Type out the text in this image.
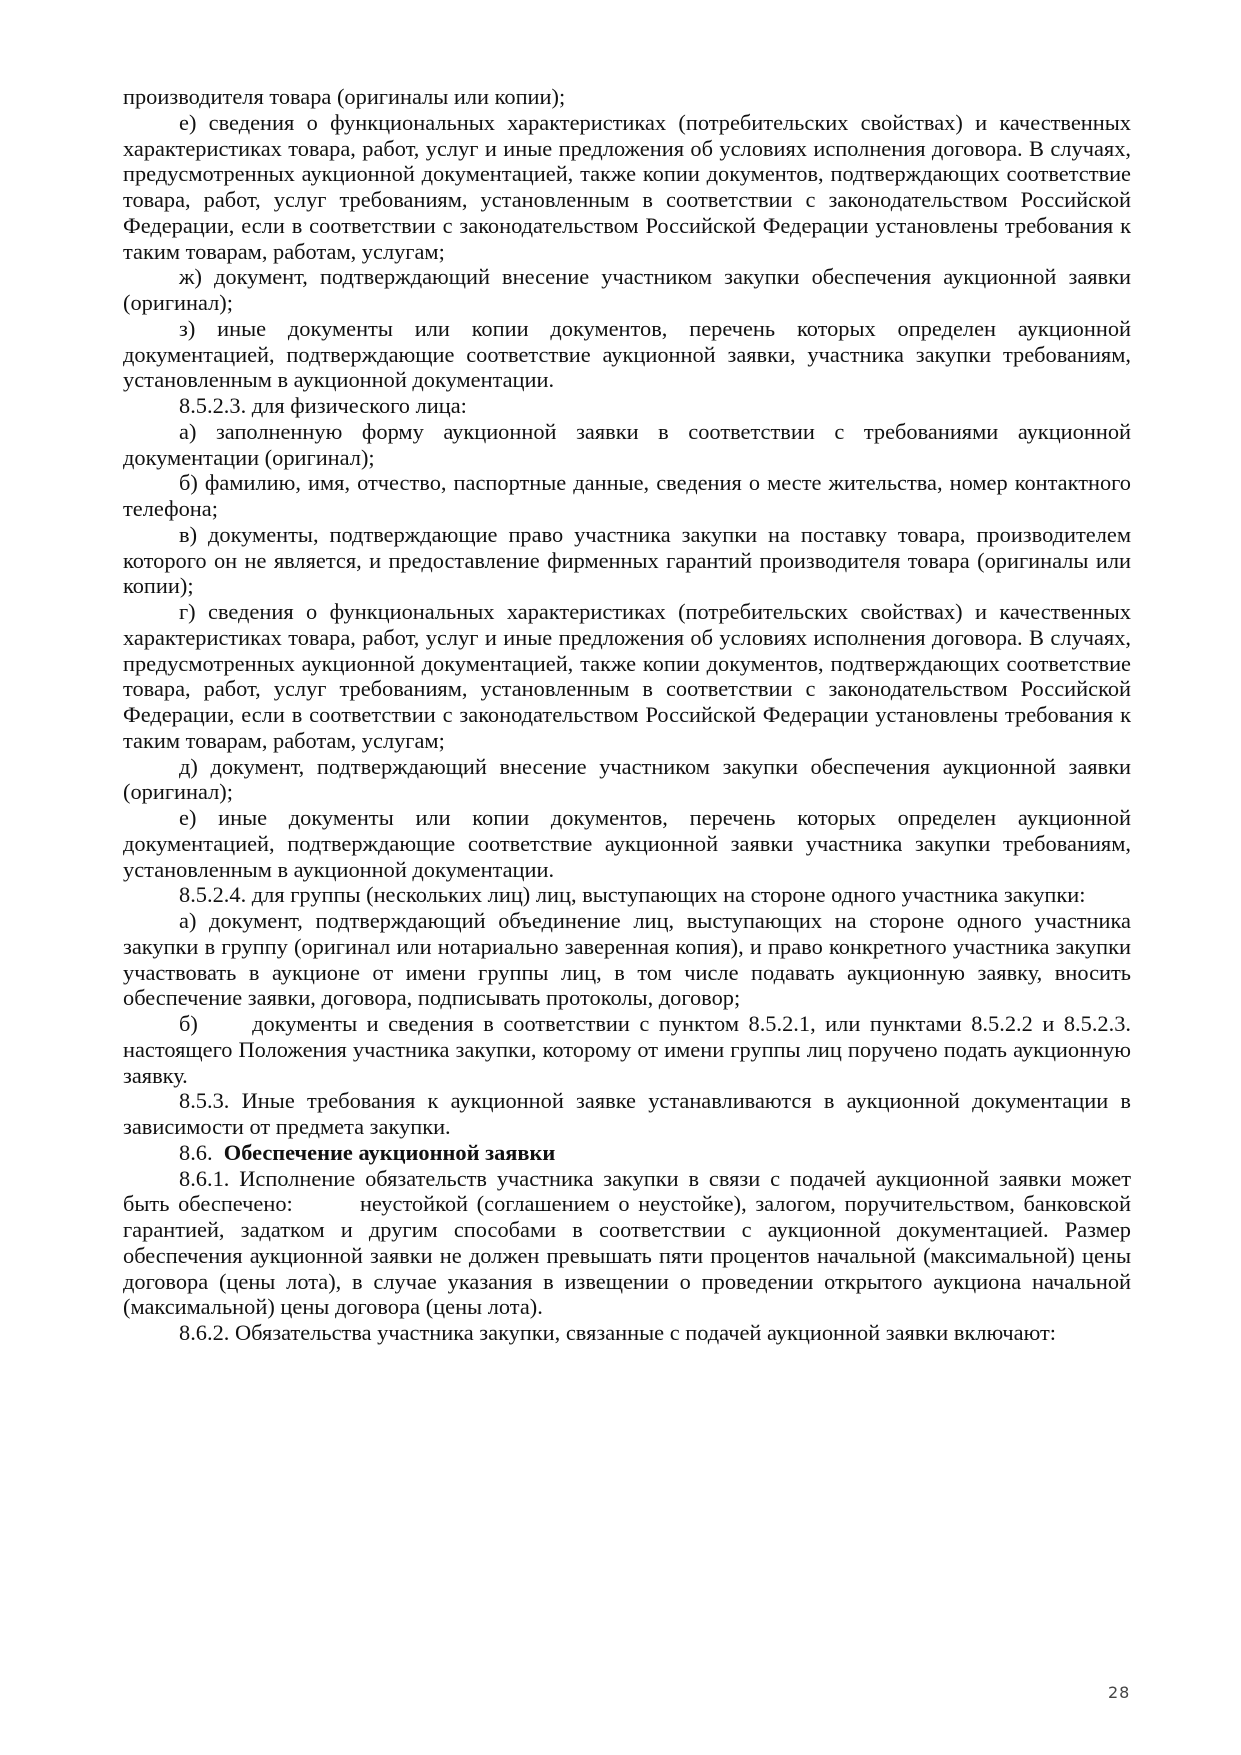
производителя товара (оригиналы или копии);

е) сведения о функциональных характеристиках (потребительских свойствах) и качественных характеристиках товара, работ, услуг и иные предложения об условиях исполнения договора. В случаях, предусмотренных аукционной документацией, также копии документов, подтверждающих соответствие товара, работ, услуг требованиям, установленным в соответствии с законодательством Российской Федерации, если в соответствии с законодательством Российской Федерации установлены требования к таким товарам, работам, услугам;

ж) документ, подтверждающий внесение участником закупки обеспечения аукционной заявки (оригинал);

з) иные документы или копии документов, перечень которых определен аукционной документацией, подтверждающие соответствие аукционной заявки, участника закупки требованиям, установленным в аукционной документации.

8.5.2.3. для физического лица:

а) заполненную форму аукционной заявки в соответствии с требованиями аукционной документации (оригинал);

б) фамилию, имя, отчество, паспортные данные, сведения о месте жительства, номер контактного телефона;

в) документы, подтверждающие право участника закупки на поставку товара, производителем которого он не является, и предоставление фирменных гарантий производителя товара (оригиналы или копии);

г) сведения о функциональных характеристиках (потребительских свойствах) и качественных характеристиках товара, работ, услуг и иные предложения об условиях исполнения договора. В случаях, предусмотренных аукционной документацией, также копии документов, подтверждающих соответствие товара, работ, услуг требованиям, установленным в соответствии с законодательством Российской Федерации, если в соответствии с законодательством Российской Федерации установлены требования к таким товарам, работам, услугам;

д) документ, подтверждающий внесение участником закупки обеспечения аукционной заявки (оригинал);

е) иные документы или копии документов, перечень которых определен аукционной документацией, подтверждающие соответствие аукционной заявки участника закупки требованиям, установленным в аукционной документации.

8.5.2.4. для группы (нескольких лиц) лиц, выступающих на стороне одного участника закупки:

а) документ, подтверждающий объединение лиц, выступающих на стороне одного участника закупки в группу (оригинал или нотариально заверенная копия), и право конкретного участника закупки участвовать в аукционе от имени группы лиц, в том числе подавать аукционную заявку, вносить обеспечение заявки, договора, подписывать протоколы, договор;

б)   документы и сведения в соответствии с пунктом 8.5.2.1, или пунктами 8.5.2.2 и 8.5.2.3. настоящего Положения участника закупки, которому от имени группы лиц поручено подать аукционную заявку.

8.5.3. Иные требования к аукционной заявке устанавливаются в аукционной документации в зависимости от предмета закупки.

8.6. Обеспечение аукционной заявки

8.6.1. Исполнение обязательств участника закупки в связи с подачей аукционной заявки может быть обеспечено:   неустойкой (соглашением о неустойке), залогом, поручительством, банковской гарантией, задатком и другим способами в соответствии с аукционной документацией. Размер обеспечения аукционной заявки не должен превышать пяти процентов начальной (максимальной) цены договора (цены лота), в случае указания в извещении о проведении открытого аукциона начальной (максимальной) цены договора (цены лота).

8.6.2. Обязательства участника закупки, связанные с подачей аукционной заявки включают:

28
